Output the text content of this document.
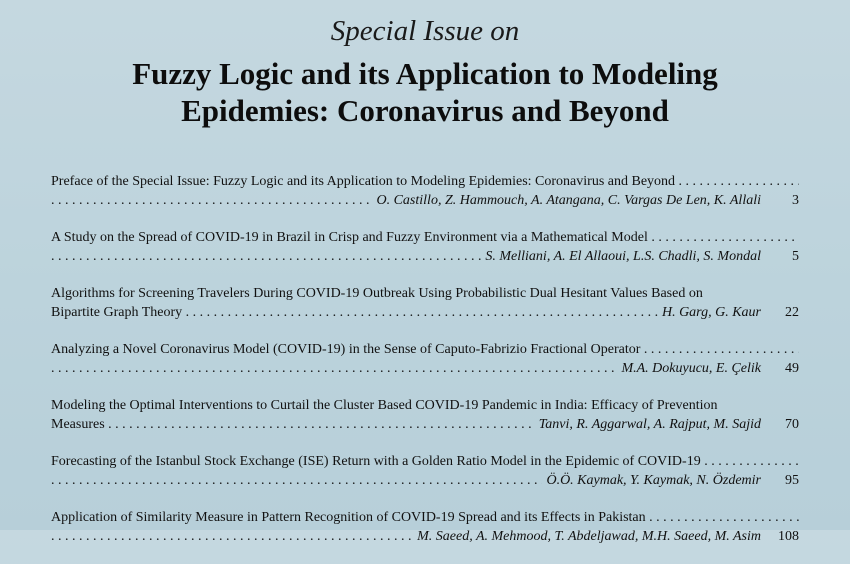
Special Issue on
Fuzzy Logic and its Application to Modeling
Epidemies: Coronavirus and Beyond
Preface of the Special Issue: Fuzzy Logic and its Application to Modeling Epidemies: Coronavirus and Beyond . . .
. . .
O. Castillo, Z. Hammouch, A. Atangana, C. Vargas De Len, K. Allali	3
A Study on the Spread of COVID-19 in Brazil in Crisp and Fuzzy Environment via a Mathematical Model . . .
. . .
S. Melliani, A. El Allaoui, L.S. Chadli, S. Mondal	5
Algorithms for Screening Travelers During COVID-19 Outbreak Using Probabilistic Dual Hesitant Values Based on
Bipartite Graph Theory . . .	H. Garg, G. Kaur	22
Analyzing a Novel Coronavirus Model (COVID-19) in the Sense of Caputo-Fabrizio Fractional Operator . . .
. . .
M.A. Dokuyucu, E. Çelik	49
Modeling the Optimal Interventions to Curtail the Cluster Based COVID-19 Pandemic in India: Efficacy of Prevention
Measures . . .	Tanvi, R. Aggarwal, A. Rajput, M. Sajid	70
Forecasting of the Istanbul Stock Exchange (ISE) Return with a Golden Ratio Model in the Epidemic of COVID-19 . . .
. . .
Ö.Ö. Kaymak, Y. Kaymak, N. Özdemir	95
Application of Similarity Measure in Pattern Recognition of COVID-19 Spread and its Effects in Pakistan . . .
. . .
M. Saeed, A. Mehmood, T. Abdeljawad, M.H. Saeed, M. Asim	108
